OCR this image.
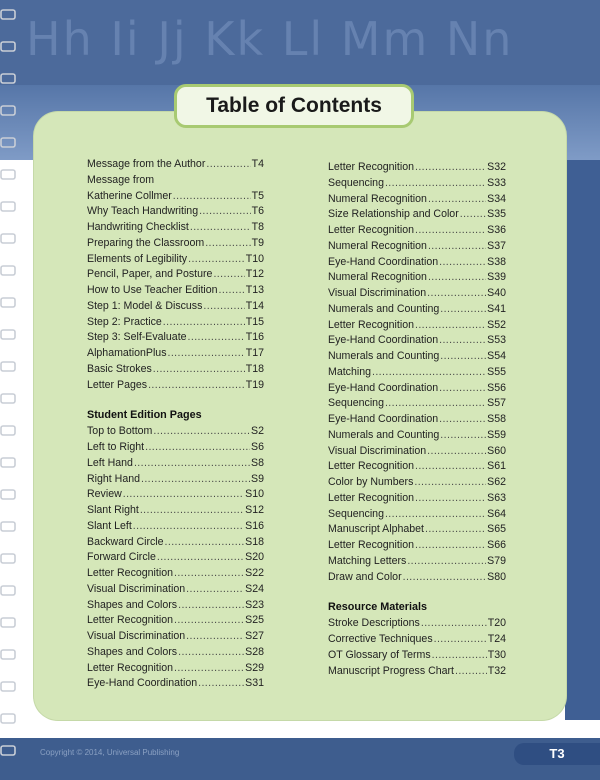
Hh Ii Jj Kk Ll Mm Nn
Table of Contents
Message from the Author .....	T4
Message from
Katherine Collmer .....	T5
Why Teach Handwriting .....	T6
Handwriting Checklist .....	T8
Preparing the Classroom .....	T9
Elements of Legibility .....	T10
Pencil, Paper, and Posture .....	T12
How to Use Teacher Edition .....	T13
Step 1: Model & Discuss .....	T14
Step 2: Practice .....	T15
Step 3: Self-Evaluate .....	T16
AlphamationPlus .....	T17
Basic Strokes .....	T18
Letter Pages .....	T19
Student Edition Pages
Top to Bottom .....	S2
Left to Right .....	S6
Left Hand .....	S8
Right Hand .....	S9
Review .....	S10
Slant Right .....	S12
Slant Left .....	S16
Backward Circle .....	S18
Forward Circle .....	S20
Letter Recognition .....	S22
Visual Discrimination .....	S24
Shapes and Colors .....	S23
Letter Recognition .....	S25
Visual Discrimination .....	S27
Shapes and Colors .....	S28
Letter Recognition .....	S29
Eye-Hand Coordination .....	S31
Letter Recognition .....	S32
Sequencing .....	S33
Numeral Recognition .....	S34
Size Relationship and Color .....	S35
Letter Recognition .....	S36
Numeral Recognition .....	S37
Eye-Hand Coordination .....	S38
Numeral Recognition .....	S39
Visual Discrimination .....	S40
Numerals and Counting .....	S41
Letter Recognition .....	S52
Eye-Hand Coordination .....	S53
Numerals and Counting .....	S54
Matching .....	S55
Eye-Hand Coordination .....	S56
Sequencing .....	S57
Eye-Hand Coordination .....	S58
Numerals and Counting .....	S59
Visual Discrimination .....	S60
Letter Recognition .....	S61
Color by Numbers .....	S62
Letter Recognition .....	S63
Sequencing .....	S64
Manuscript Alphabet .....	S65
Letter Recognition .....	S66
Matching Letters .....	S79
Draw and Color .....	S80
Resource Materials
Stroke Descriptions .....	T20
Corrective Techniques .....	T24
OT Glossary of Terms .....	T30
Manuscript Progress Chart .....	T32
Copyright © 2014, Universal Publishing	T3
